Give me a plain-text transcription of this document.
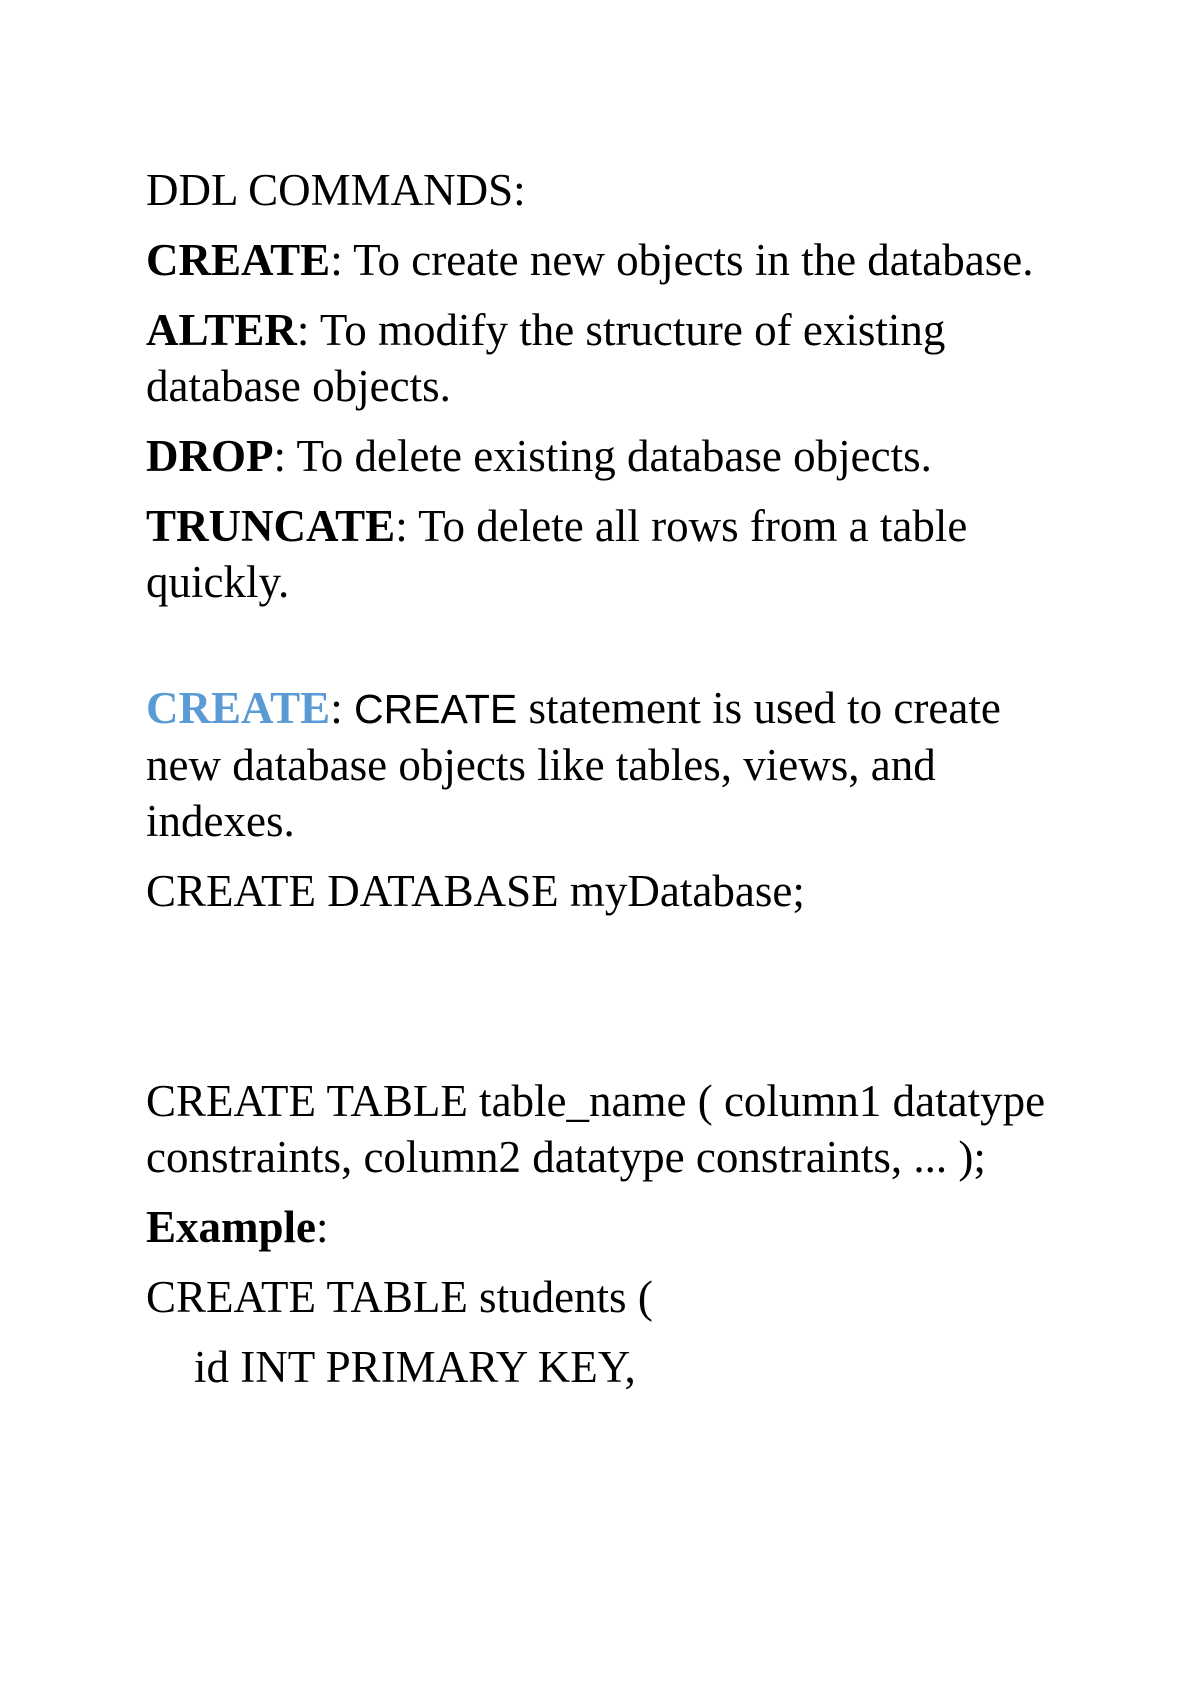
DDL COMMANDS:

CREATE: To create new objects in the database.

ALTER: To modify the structure of existing database objects.

DROP: To delete existing database objects.

TRUNCATE: To delete all rows from a table quickly.

CREATE: CREATE statement is used to create new database objects like tables, views, and indexes.

CREATE DATABASE myDatabase;

CREATE TABLE table_name ( column1 datatype constraints, column2 datatype constraints, ... );

Example:

CREATE TABLE students (

id INT PRIMARY KEY,
